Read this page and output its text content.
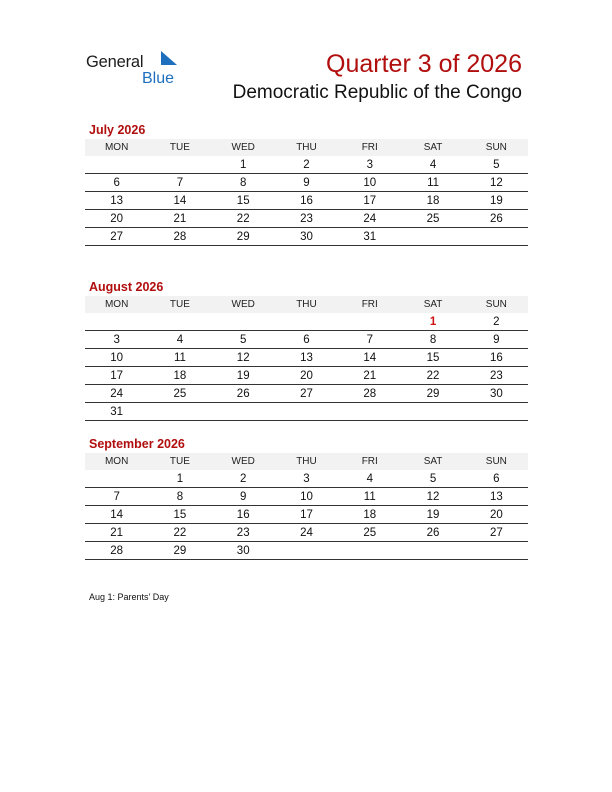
General
Blue
Quarter 3 of 2026
Democratic Republic of the Congo
July 2026
MON	TUE	WED	THU	FRI	SAT	SUN
		1	2	3	4	5
6	7	8	9	10	11	12
13	14	15	16	17	18	19
20	21	22	23	24	25	26
27	28	29	30	31		
August 2026
MON	TUE	WED	THU	FRI	SAT	SUN
					1	2
3	4	5	6	7	8	9
10	11	12	13	14	15	16
17	18	19	20	21	22	23
24	25	26	27	28	29	30
31						
September 2026
MON	TUE	WED	THU	FRI	SAT	SUN
	1	2	3	4	5	6
7	8	9	10	11	12	13
14	15	16	17	18	19	20
21	22	23	24	25	26	27
28	29	30				
Aug 1: Parents’ Day
